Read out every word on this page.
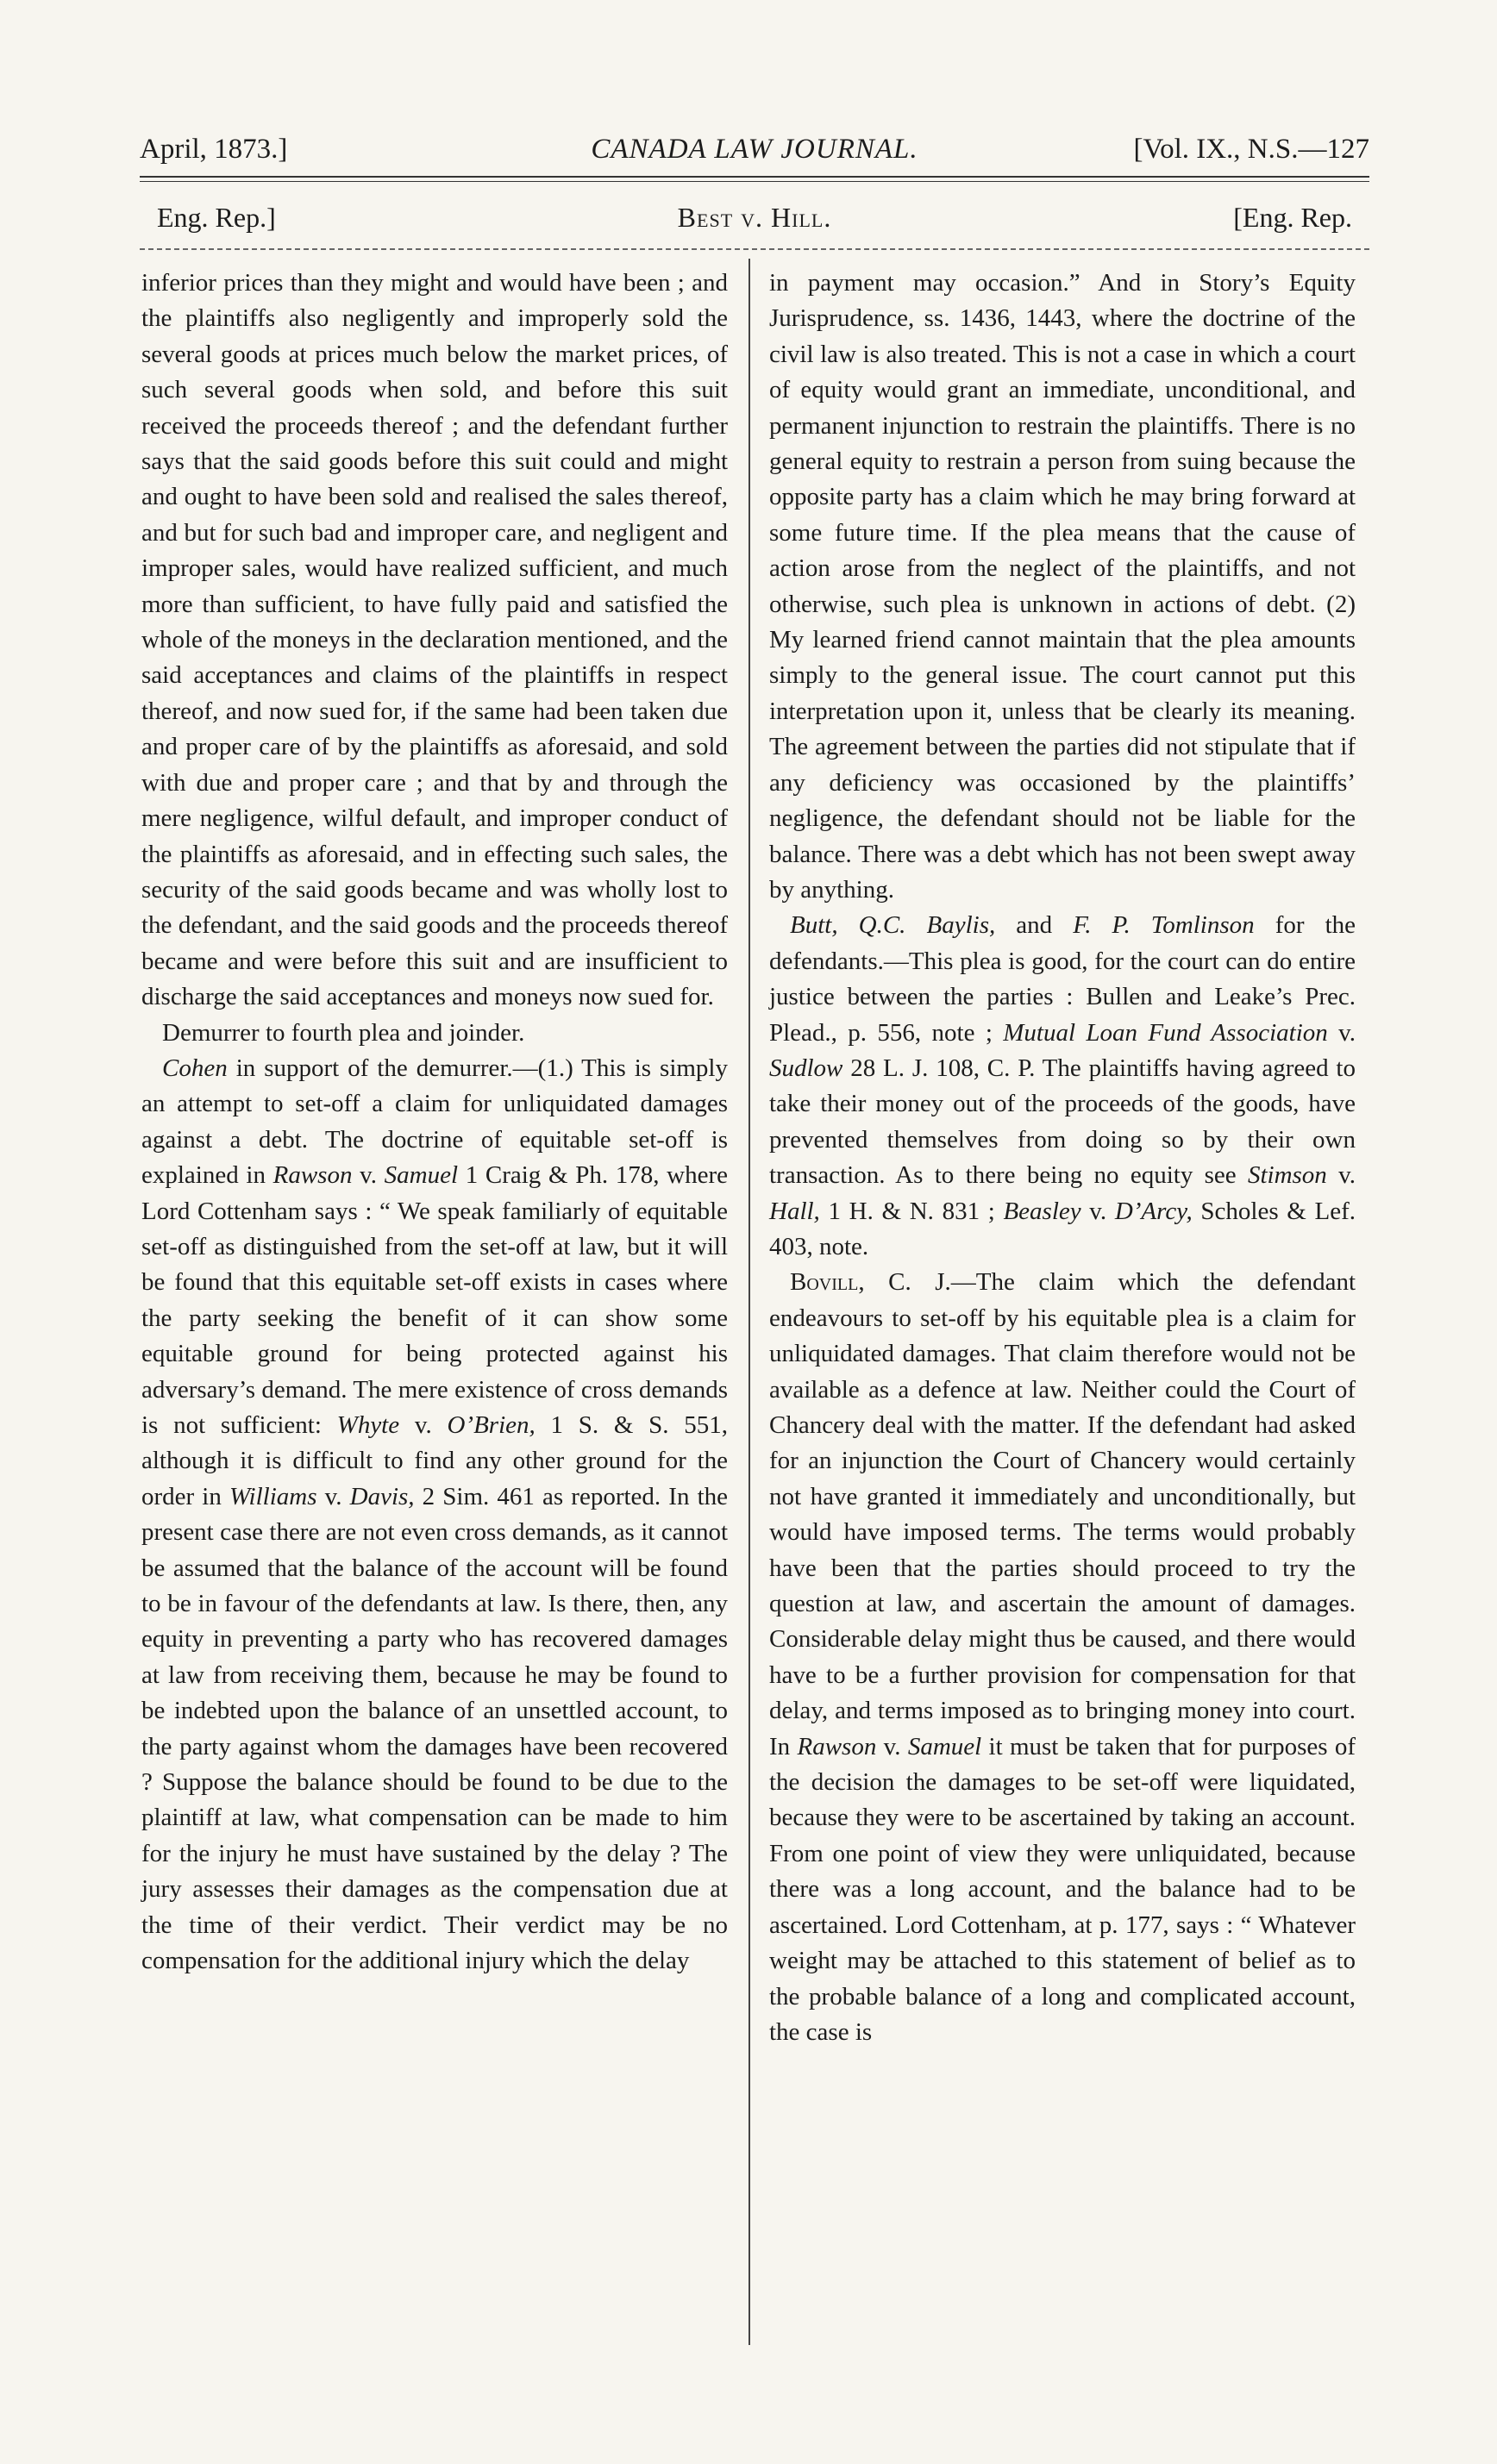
April, 1873.]	CANADA LAW JOURNAL.	[Vol. IX., N.S.—127
Eng. Rep.]	Best v. Hill.	[Eng. Rep.

inferior prices than they might and would have been ; and the plaintiffs also negligently and improperly sold the several goods at prices much below the market prices, of such several goods when sold, and before this suit received the proceeds thereof ; and the defendant further says that the said goods before this suit could and might and ought to have been sold and realised the sales thereof, and but for such bad and improper care, and negligent and improper sales, would have realized sufficient, and much more than sufficient, to have fully paid and satisfied the whole of the moneys in the declaration mentioned, and the said acceptances and claims of the plaintiffs in respect thereof, and now sued for, if the same had been taken due and proper care of by the plaintiffs as aforesaid, and sold with due and proper care ; and that by and through the mere negligence, wilful default, and improper conduct of the plaintiffs as aforesaid, and in effecting such sales, the security of the said goods became and was wholly lost to the defendant, and the said goods and the proceeds thereof became and were before this suit and are insufficient to discharge the said acceptances and moneys now sued for.

Demurrer to fourth plea and joinder.

Cohen in support of the demurrer.—(1.) This is simply an attempt to set-off a claim for unliquidated damages against a debt. The doctrine of equitable set-off is explained in Rawson v. Samuel 1 Craig & Ph. 178, where Lord Cottenham says : “ We speak familiarly of equitable set-off as distinguished from the set-off at law, but it will be found that this equitable set-off exists in cases where the party seeking the benefit of it can show some equitable ground for being protected against his adversary’s demand. The mere existence of cross demands is not sufficient: Whyte v. O’Brien, 1 S. & S. 551, although it is difficult to find any other ground for the order in Williams v. Davis, 2 Sim. 461 as reported. In the present case there are not even cross demands, as it cannot be assumed that the balance of the account will be found to be in favour of the defendants at law. Is there, then, any equity in preventing a party who has recovered damages at law from receiving them, because he may be found to be indebted upon the balance of an unsettled account, to the party against whom the damages have been recovered ? Suppose the balance should be found to be due to the plaintiff at law, what compensation can be made to him for the injury he must have sustained by the delay ? The jury assesses their damages as the compensation due at the time of their verdict. Their verdict may be no compensation for the additional injury which the delay

in payment may occasion.” And in Story’s Equity Jurisprudence, ss. 1436, 1443, where the doctrine of the civil law is also treated. This is not a case in which a court of equity would grant an immediate, unconditional, and permanent injunction to restrain the plaintiffs. There is no general equity to restrain a person from suing because the opposite party has a claim which he may bring forward at some future time. If the plea means that the cause of action arose from the neglect of the plaintiffs, and not otherwise, such plea is unknown in actions of debt. (2) My learned friend cannot maintain that the plea amounts simply to the general issue. The court cannot put this interpretation upon it, unless that be clearly its meaning. The agreement between the parties did not stipulate that if any deficiency was occasioned by the plaintiffs’ negligence, the defendant should not be liable for the balance. There was a debt which has not been swept away by anything.

Butt, Q.C. Baylis, and F. P. Tomlinson for the defendants.—This plea is good, for the court can do entire justice between the parties : Bullen and Leake’s Prec. Plead., p. 556, note ; Mutual Loan Fund Association v. Sudlow 28 L. J. 108, C. P. The plaintiffs having agreed to take their money out of the proceeds of the goods, have prevented themselves from doing so by their own transaction. As to there being no equity see Stimson v. Hall, 1 H. & N. 831 ; Beasley v. D’Arcy, Scholes & Lef. 403, note.

Bovill, C. J.—The claim which the defendant endeavours to set-off by his equitable plea is a claim for unliquidated damages. That claim therefore would not be available as a defence at law. Neither could the Court of Chancery deal with the matter. If the defendant had asked for an injunction the Court of Chancery would certainly not have granted it immediately and unconditionally, but would have imposed terms. The terms would probably have been that the parties should proceed to try the question at law, and ascertain the amount of damages. Considerable delay might thus be caused, and there would have to be a further provision for compensation for that delay, and terms imposed as to bringing money into court. In Rawson v. Samuel it must be taken that for purposes of the decision the damages to be set-off were liquidated, because they were to be ascertained by taking an account. From one point of view they were unliquidated, because there was a long account, and the balance had to be ascertained. Lord Cottenham, at p. 177, says : “ Whatever weight may be attached to this statement of belief as to the probable balance of a long and complicated account, the case is
